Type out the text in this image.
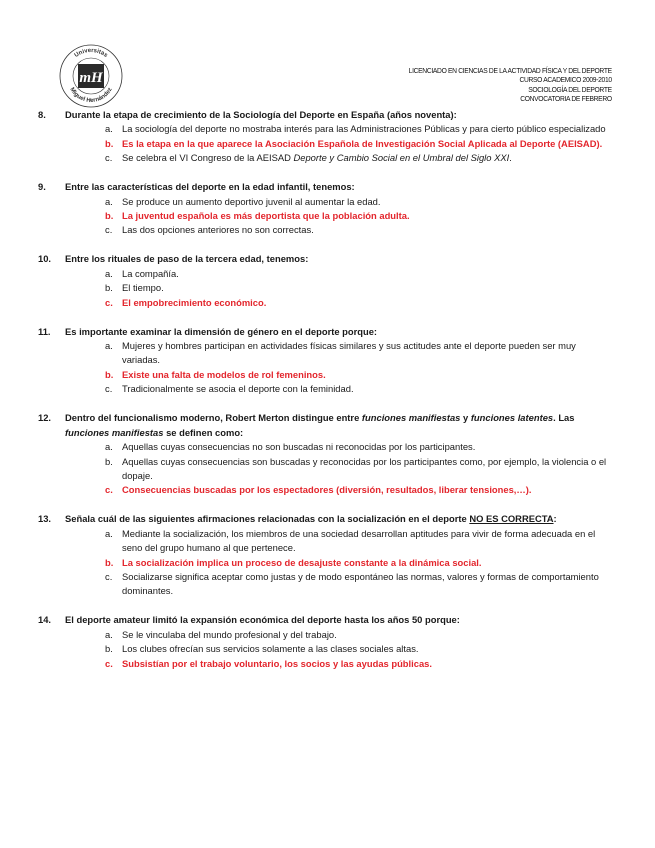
Universitas
Miguel Hernández
mH	LICENCIADO EN CIENCIAS DE LA ACTIVIDAD FÍSICA Y DEL DEPORTE
CURSO ACADEMICO 2009-2010
SOCIOLOGÍA DEL DEPORTE
CONVOCATORIA DE FEBRERO
8. Durante la etapa de crecimiento de la Sociología del Deporte en España (años noventa):
a. La sociología del deporte no mostraba interés para las Administraciones Públicas y para cierto público especializado
b. Es la etapa en la que aparece la Asociación Española de Investigación Social Aplicada al Deporte (AEISAD).
c. Se celebra el VI Congreso de la AEISAD Deporte y Cambio Social en el Umbral del Siglo XXI.
9. Entre las características del deporte en la edad infantil, tenemos:
a. Se produce un aumento deportivo juvenil al aumentar la edad.
b. La juventud española es más deportista que la población adulta.
c. Las dos opciones anteriores no son correctas.
10. Entre los rituales de paso de la tercera edad, tenemos:
a. La compañía.
b. El tiempo.
c. El empobrecimiento económico.
11. Es importante examinar la dimensión de género en el deporte porque:
a. Mujeres y hombres participan en actividades físicas similares y sus actitudes ante el deporte pueden ser muy variadas.
b. Existe una falta de modelos de rol femeninos.
c. Tradicionalmente se asocia el deporte con la feminidad.
12. Dentro del funcionalismo moderno, Robert Merton distingue entre funciones manifiestas y funciones latentes. Las funciones manifiestas se definen como:
a. Aquellas cuyas consecuencias no son buscadas ni reconocidas por los participantes.
b. Aquellas cuyas consecuencias son buscadas y reconocidas por los participantes como, por ejemplo, la violencia o el dopaje.
c. Consecuencias buscadas por los espectadores (diversión, resultados, liberar tensiones,…).
13. Señala cuál de las siguientes afirmaciones relacionadas con la socialización en el deporte NO ES CORRECTA:
a. Mediante la socialización, los miembros de una sociedad desarrollan aptitudes para vivir de forma adecuada en el seno del grupo humano al que pertenece.
b. La socialización implica un proceso de desajuste constante a la dinámica social.
c. Socializarse significa aceptar como justas y de modo espontáneo las normas, valores y formas de comportamiento dominantes.
14. El deporte amateur limitó la expansión económica del deporte hasta los años 50 porque:
a. Se le vinculaba del mundo profesional y del trabajo.
b. Los clubes ofrecían sus servicios solamente a las clases sociales altas.
c. Subsistían por el trabajo voluntario, los socios y las ayudas públicas.
